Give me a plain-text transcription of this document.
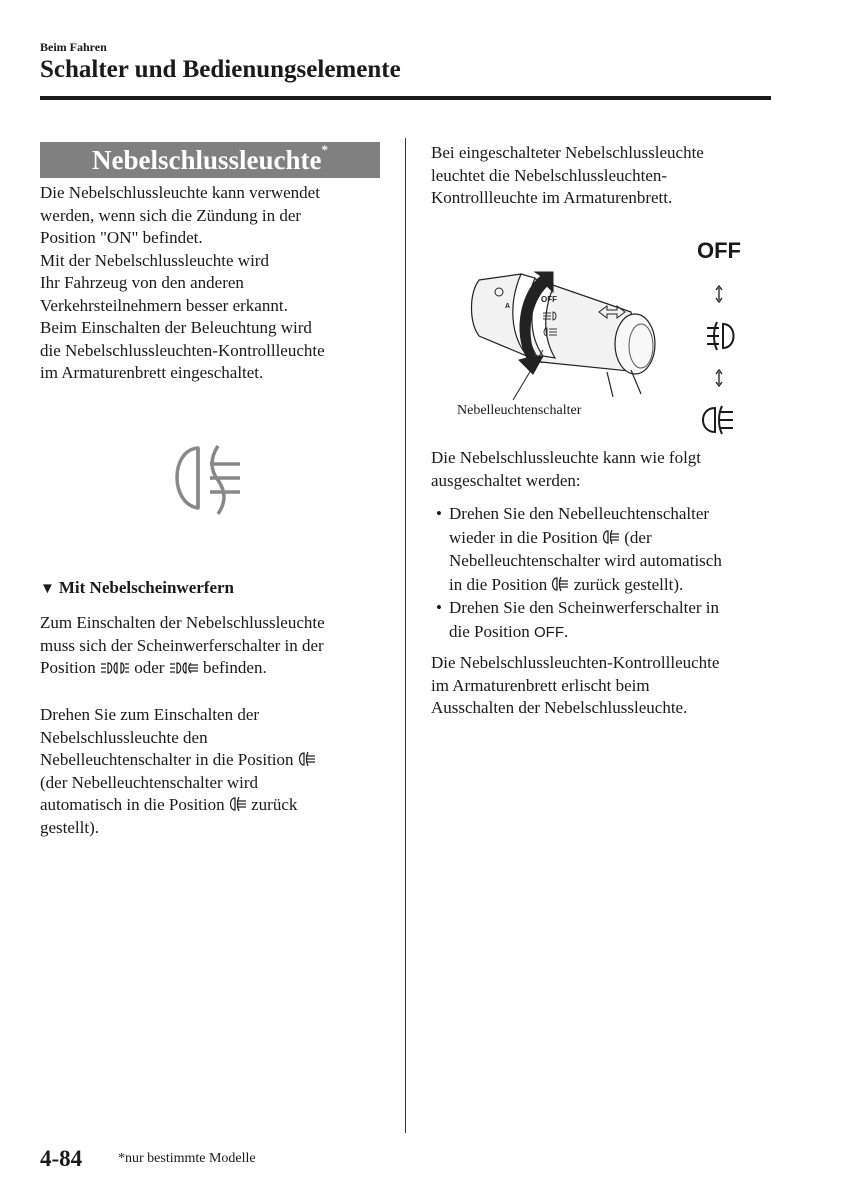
Beim Fahren
Schalter und Bedienungselemente
Nebelschlussleuchte*

Die Nebelschlussleuchte kann verwendet

werden, wenn sich die Zündung in der

Position "ON" befindet.

Mit der Nebelschlussleuchte wird

Ihr Fahrzeug von den anderen

Verkehrsteilnehmern besser erkannt.

Beim Einschalten der Beleuchtung wird

die Nebelschlussleuchten-Kontrollleuchte

im Armaturenbrett eingeschaltet.

▼ Mit Nebelscheinwerfern

Zum Einschalten der Nebelschlussleuchte

muss sich der Scheinwerferschalter in der

Position oder befinden.

Drehen Sie zum Einschalten der

Nebelschlussleuchte den

Nebelleuchtenschalter in die Position

(der Nebelleuchtenschalter wird

automatisch in die Position zurück

gestellt).

Bei eingeschalteter Nebelschlussleuchte

leuchtet die Nebelschlussleuchten-

Kontrollleuchte im Armaturenbrett.

OFF
A
OFF
Nebelleuchtenschalter

Die Nebelschlussleuchte kann wie folgt

ausgeschaltet werden:

• Drehen Sie den Nebelleuchtenschalter
wieder in die Position (der
Nebelleuchtenschalter wird automatisch
in die Position zurück gestellt).
• Drehen Sie den Scheinwerferschalter in
die Position OFF.

Die Nebelschlussleuchten-Kontrollleuchte

im Armaturenbrett erlischt beim

Ausschalten der Nebelschlussleuchte.

4-84	*nur bestimmte Modelle
